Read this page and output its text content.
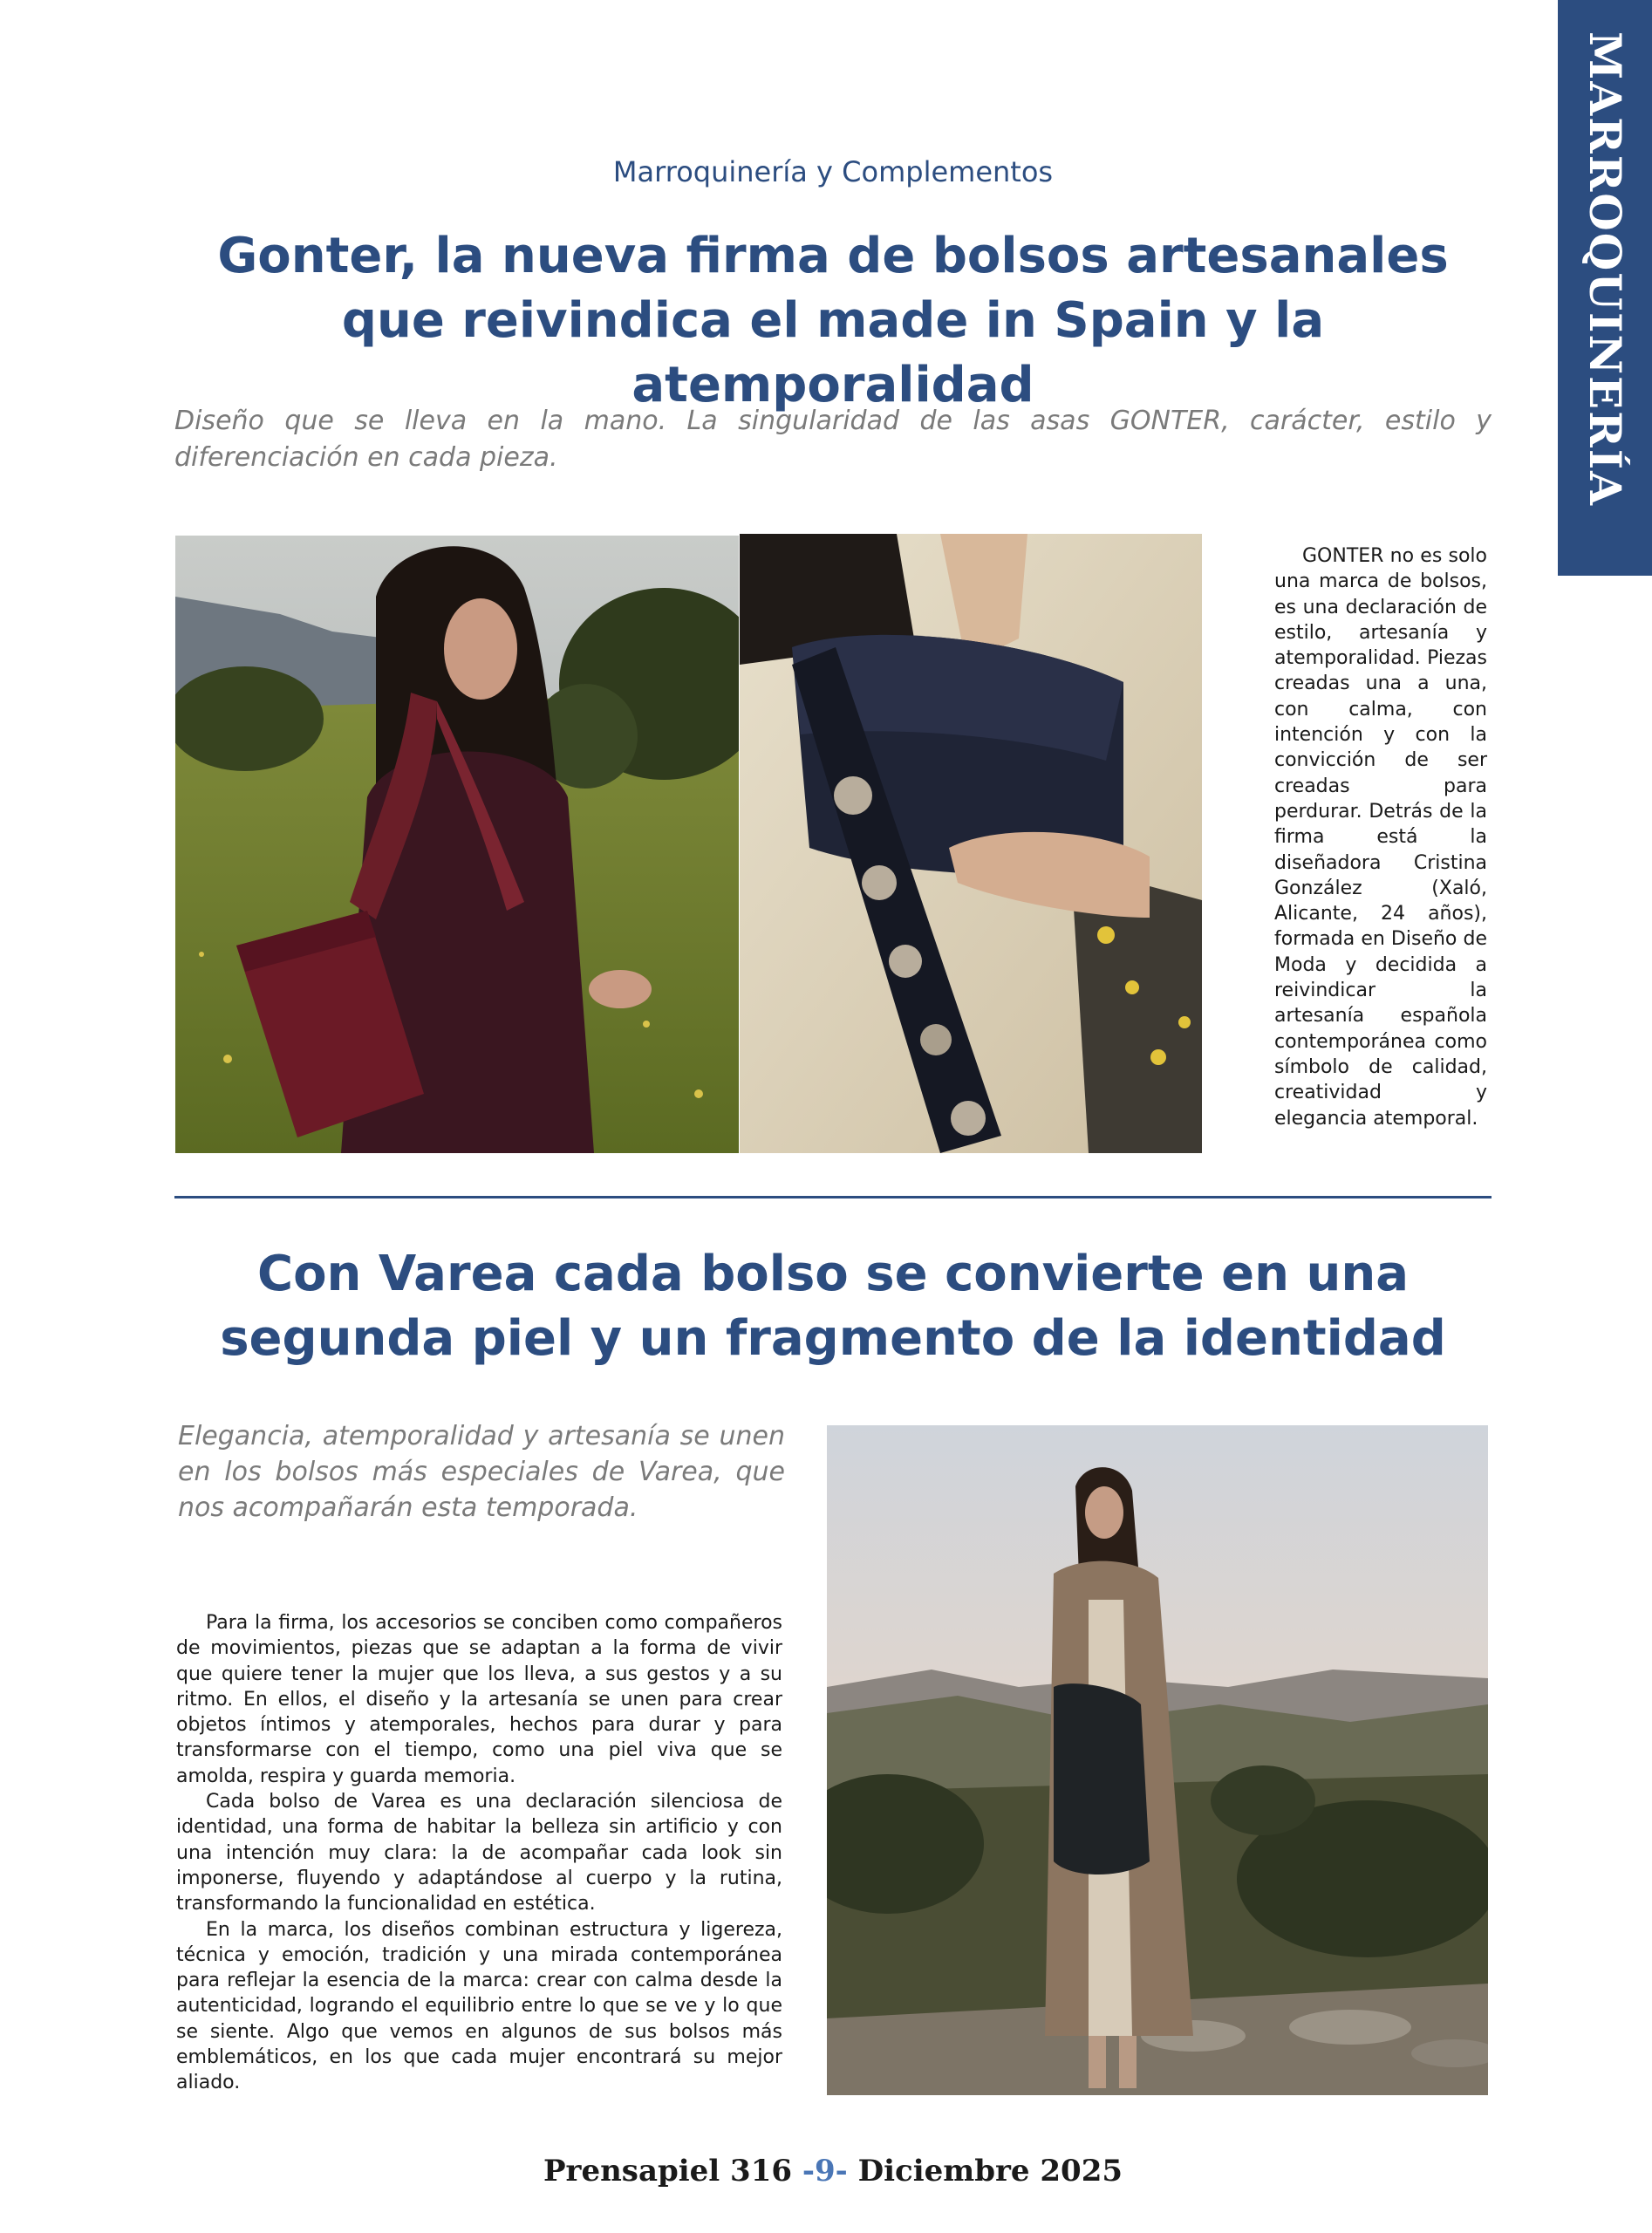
MARROQUINERÍA
Marroquinería y Complementos
Gonter, la nueva firma de bolsos artesanales que reivindica el made in Spain y la atemporalidad

Diseño que se lleva en la mano. La singularidad de las asas GONTER, carácter, estilo y diferenciación en cada pieza.

GONTER no es solo una marca de bolsos, es una declaración de estilo, artesanía y atemporalidad. Piezas creadas una a una, con calma, con intención y con la convicción de ser creadas para perdurar. Detrás de la firma está la diseñadora Cristina González (Xaló, Alicante, 24 años), formada en Diseño de Moda y decidida a reivindicar la artesanía española contemporánea como símbolo de calidad, creatividad y elegancia atemporal.

Con Varea cada bolso se convierte en una segunda piel y un fragmento de la identidad

Elegancia, atemporalidad y artesanía se unen en los bolsos más especiales de Varea, que nos acompañarán esta temporada.

Para la firma, los accesorios se conciben como compañeros de movimientos, piezas que se adaptan a la forma de vivir que quiere tener la mujer que los lleva, a sus gestos y a su ritmo. En ellos, el diseño y la artesanía se unen para crear objetos íntimos y atemporales, hechos para durar y para transformarse con el tiempo, como una piel viva que se amolda, respira y guarda memoria.

Cada bolso de Varea es una declaración silenciosa de identidad, una forma de habitar la belleza sin artificio y con una intención muy clara: la de acompañar cada look sin imponerse, fluyendo y adaptándose al cuerpo y la rutina, transformando la funcionalidad en estética.

En la marca, los diseños combinan estructura y ligereza, técnica y emoción, tradición y una mirada contemporánea para reflejar la esencia de la marca: crear con calma desde la autenticidad, logrando el equilibrio entre lo que se ve y lo que se siente. Algo que vemos en algunos de sus bolsos más emblemáticos, en los que cada mujer encontrará su mejor aliado.

Prensapiel 316 -9- Diciembre 2025
